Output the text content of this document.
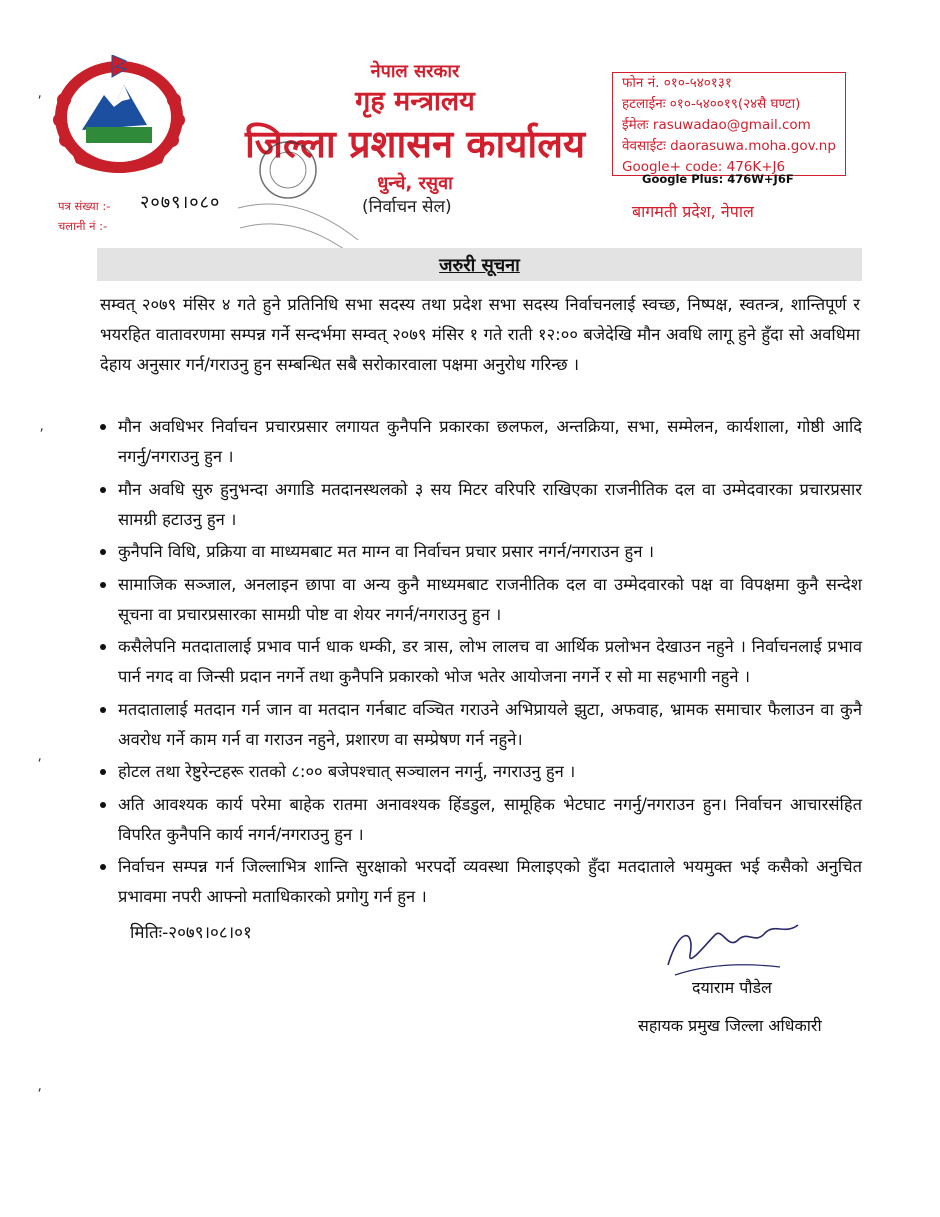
नेपाल सरकार
गृह मन्त्रालय
जिल्ला प्रशासन कार्यालय
धुन्चे, रसुवा
(निर्वाचन सेल)
फोन नं. ०१०-५४०१३१
हटलाईनः ०१०-५४००१९(२४सै घण्टा)
ईमेलः rasuwadao@gmail.com
वेवसाईटः daorasuwa.moha.gov.np
Google+ code: 476K+J6
Google Plus: 476W+J6F
बागमती प्रदेश, नेपाल
पत्र संख्या :-
चलानी नं :-
२०७९।०८०
जरुरी सूचना
सम्वत् २०७९ मंसिर ४ गते हुने प्रतिनिधि सभा सदस्य तथा प्रदेश सभा सदस्य निर्वाचनलाई स्वच्छ, निष्पक्ष, स्वतन्त्र, शान्तिपूर्ण र भयरहित वातावरणमा सम्पन्न गर्ने सन्दर्भमा सम्वत् २०७९ मंसिर १ गते राती १२:०० बजेदेखि मौन अवधि लागू हुने हुँदा सो अवधिमा देहाय अनुसार गर्न/गराउनु हुन सम्बन्धित सबै सरोकारवाला पक्षमा अनुरोध गरिन्छ ।
मौन अवधिभर निर्वाचन प्रचारप्रसार लगायत कुनैपनि प्रकारका छलफल, अन्तक्रिया, सभा, सम्मेलन, कार्यशाला, गोष्ठी आदि नगर्नु/नगराउनु हुन ।
मौन अवधि सुरु हुनुभन्दा अगाडि मतदानस्थलको ३ सय मिटर वरिपरि राखिएका राजनीतिक दल वा उम्मेदवारका प्रचारप्रसार सामग्री हटाउनु हुन ।
कुनैपनि विधि, प्रक्रिया वा माध्यमबाट मत माग्न वा निर्वाचन प्रचार प्रसार नगर्न/नगराउन हुन ।
सामाजिक सञ्जाल, अनलाइन छापा वा अन्य कुनै माध्यमबाट राजनीतिक दल वा उम्मेदवारको पक्ष वा विपक्षमा कुनै सन्देश सूचना वा प्रचारप्रसारका सामग्री पोष्ट वा शेयर नगर्न/नगराउनु हुन ।
कसैलेपनि मतदातालाई प्रभाव पार्न धाक धम्की, डर त्रास, लोभ लालच वा आर्थिक प्रलोभन देखाउन नहुने । निर्वाचनलाई प्रभाव पार्न नगद वा जिन्सी प्रदान नगर्ने तथा कुनैपनि प्रकारको भोज भतेर आयोजना नगर्ने र सो मा सहभागी नहुने ।
मतदातालाई मतदान गर्न जान वा मतदान गर्नबाट वञ्चित गराउने अभिप्रायले झुटा, अफवाह, भ्रामक समाचार फैलाउन वा कुनै अवरोध गर्ने काम गर्न वा गराउन नहुने, प्रशारण वा सम्प्रेषण गर्न नहुने।
होटल तथा रेष्टुरेन्टहरू रातको ८:०० बजेपश्चात् सञ्चालन नगर्नु, नगराउनु हुन ।
अति आवश्यक कार्य परेमा बाहेक रातमा अनावश्यक हिंडडुल, सामूहिक भेटघाट नगर्नु/नगराउन हुन। निर्वाचन आचारसंहित विपरित कुनैपनि कार्य नगर्न/नगराउनु हुन ।
निर्वाचन सम्पन्न गर्न जिल्लाभित्र शान्ति सुरक्षाको भरपर्दो व्यवस्था मिलाइएको हुँदा मतदाताले भयमुक्त भई कसैको अनुचित प्रभावमा नपरी आफ्नो मताधिकारको प्रगोगु गर्न हुन ।
मितिः-२०७९।०८।०१
दयाराम पौडेल
सहायक प्रमुख जिल्ला अधिकारी
⸴
⸴
⸴
⸴
